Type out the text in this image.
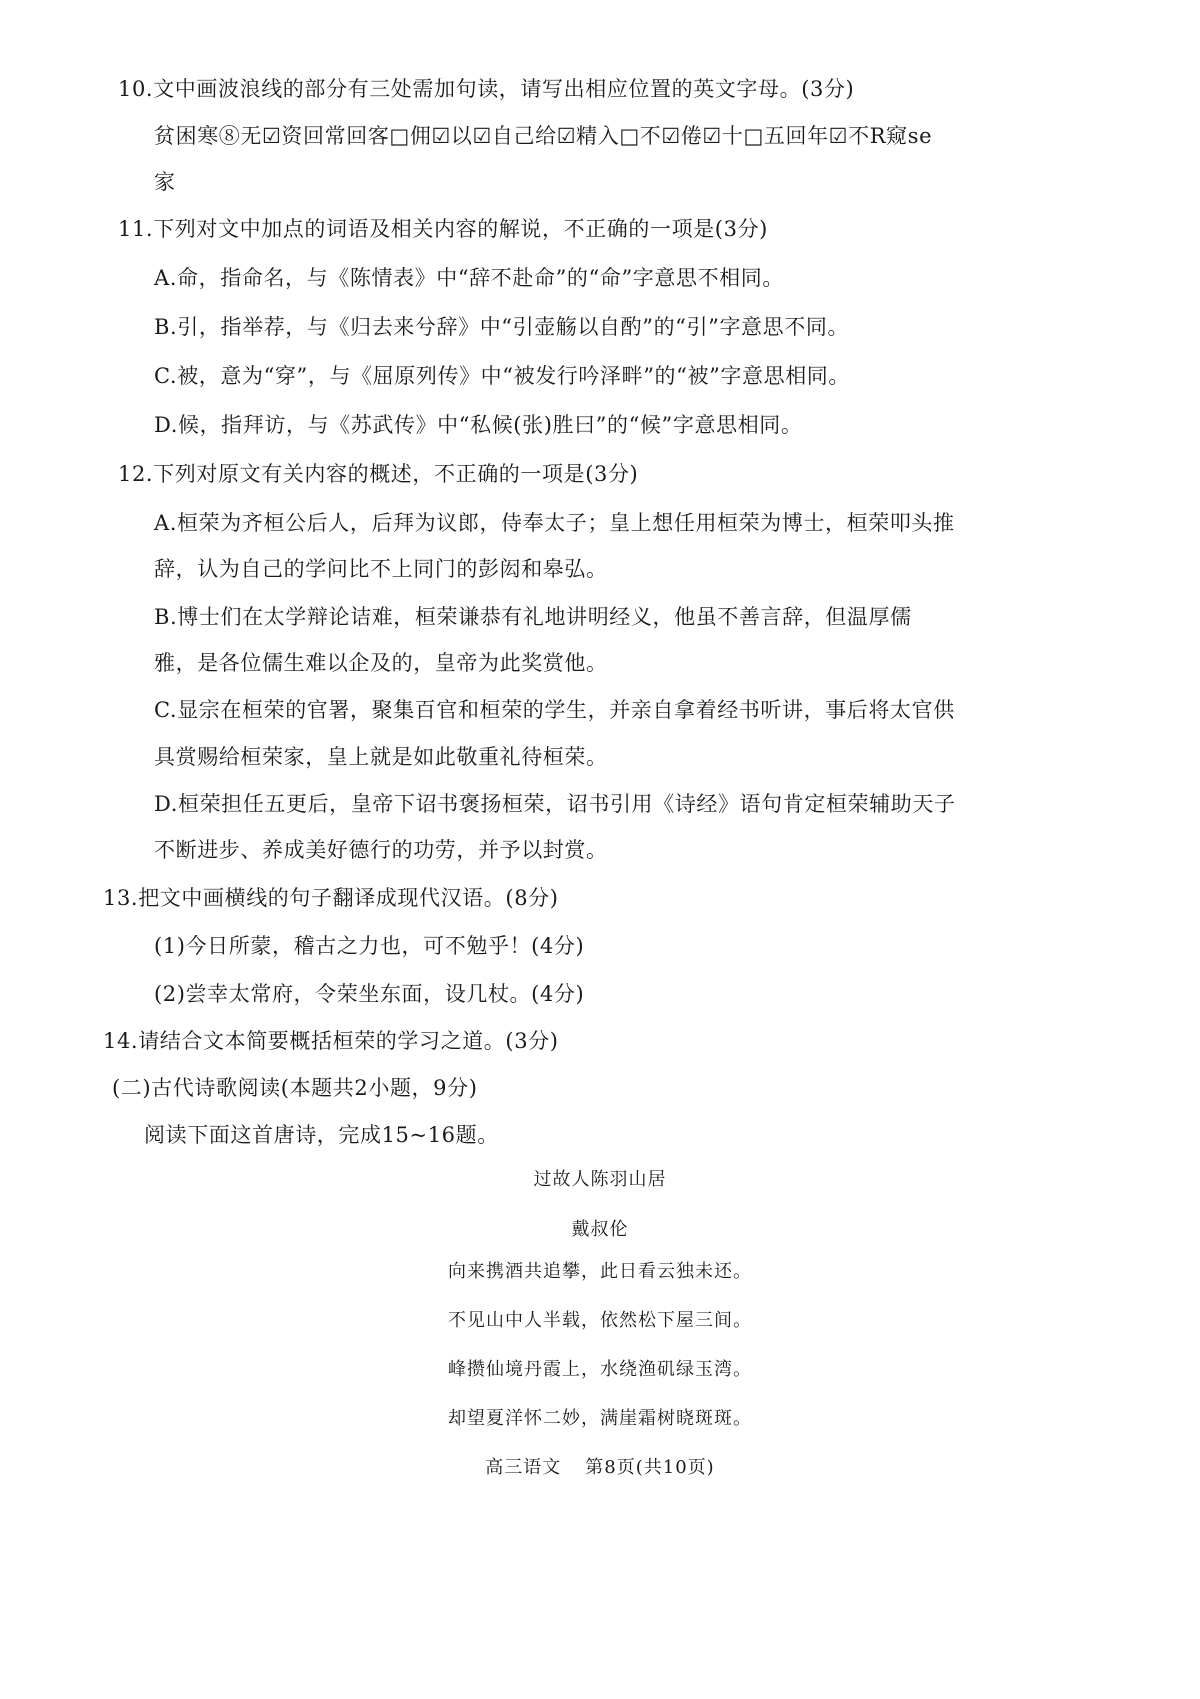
10.文中画波浪线的部分有三处需加句读，请写出相应位置的英文字母。(3分)
贫困寒⑧无☑资回常回客□佣☑以☑自己给☑精入□不☑倦☑十□五回年☑不R窥se
家
11.下列对文中加点的词语及相关内容的解说，不正确的一项是(3分)
A.命，指命名，与《陈情表》中“辞不赴命”的“命”字意思不相同。
B.引，指举荐，与《归去来兮辞》中“引壶觞以自酌”的“引”字意思不同。
C.被，意为“穿”，与《屈原列传》中“被发行吟泽畔”的“被”字意思相同。
D.候，指拜访，与《苏武传》中“私候(张)胜曰”的“候”字意思相同。
12.下列对原文有关内容的概述，不正确的一项是(3分)
A.桓荣为齐桓公后人，后拜为议郎，侍奉太子；皇上想任用桓荣为博士，桓荣叩头推
辞，认为自己的学问比不上同门的彭闳和皋弘。
B.博士们在太学辩论诘难，桓荣谦恭有礼地讲明经义，他虽不善言辞，但温厚儒
雅，是各位儒生难以企及的，皇帝为此奖赏他。
C.显宗在桓荣的官署，聚集百官和桓荣的学生，并亲自拿着经书听讲，事后将太官供
具赏赐给桓荣家，皇上就是如此敬重礼待桓荣。
D.桓荣担任五更后，皇帝下诏书褒扬桓荣，诏书引用《诗经》语句肯定桓荣辅助天子
不断进步、养成美好德行的功劳，并予以封赏。
13.把文中画横线的句子翻译成现代汉语。(8分)
(1)今日所蒙，稽古之力也，可不勉乎！(4分)
(2)尝幸太常府，令荣坐东面，设几杖。(4分)
14.请结合文本简要概括桓荣的学习之道。(3分)
(二)古代诗歌阅读(本题共2小题，9分)
阅读下面这首唐诗，完成15~16题。
过故人陈羽山居
戴叔伦
向来携酒共追攀，此日看云独未还。
不见山中人半载，依然松下屋三间。
峰攒仙境丹霞上，水绕渔矶绿玉湾。
却望夏洋怀二妙，满崖霜树晓斑斑。
高三语文 第8页(共10页)
